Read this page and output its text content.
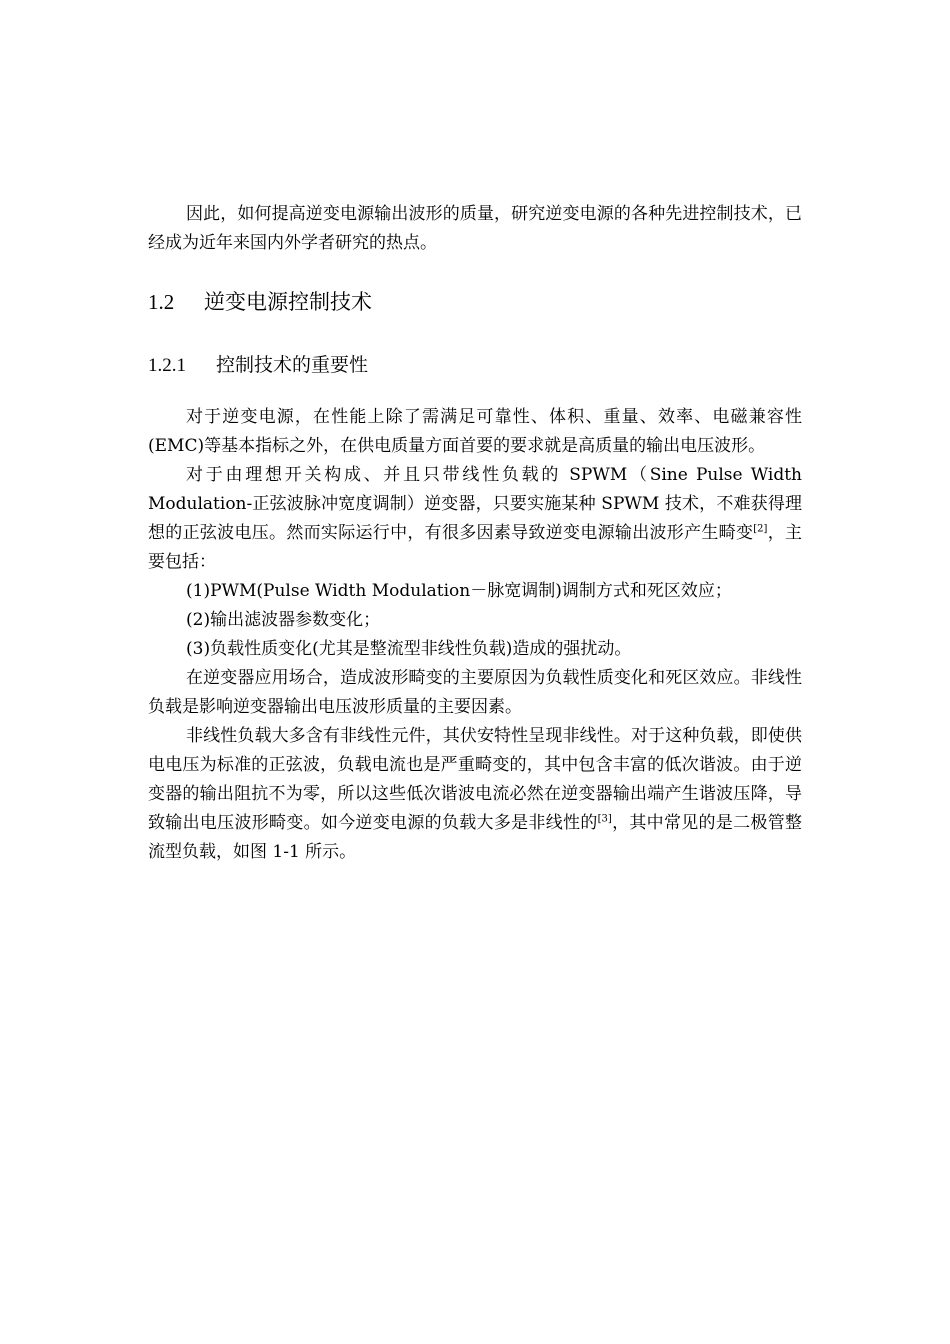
因此，如何提高逆变电源输出波形的质量，研究逆变电源的各种先进控制技术，已经成为近年来国内外学者研究的热点。

1.2 逆变电源控制技术
1.2.1 控制技术的重要性

对于逆变电源，在性能上除了需满足可靠性、体积、重量、效率、电磁兼容性(EMC)等基本指标之外，在供电质量方面首要的要求就是高质量的输出电压波形。

对于由理想开关构成、并且只带线性负载的 SPWM（Sine Pulse Width Modulation-正弦波脉冲宽度调制）逆变器，只要实施某种 SPWM 技术，不难获得理想的正弦波电压。然而实际运行中，有很多因素导致逆变电源输出波形产生畸变[2]，主要包括：

(1)PWM(Pulse Width Modulation－脉宽调制)调制方式和死区效应；

(2)输出滤波器参数变化；

(3)负载性质变化(尤其是整流型非线性负载)造成的强扰动。

在逆变器应用场合，造成波形畸变的主要原因为负载性质变化和死区效应。非线性负载是影响逆变器输出电压波形质量的主要因素。

非线性负载大多含有非线性元件，其伏安特性呈现非线性。对于这种负载，即使供电电压为标准的正弦波，负载电流也是严重畸变的，其中包含丰富的低次谐波。由于逆变器的输出阻抗不为零，所以这些低次谐波电流必然在逆变器输出端产生谐波压降，导致输出电压波形畸变。如今逆变电源的负载大多是非线性的[3]，其中常见的是二极管整流型负载，如图 1-1 所示。
